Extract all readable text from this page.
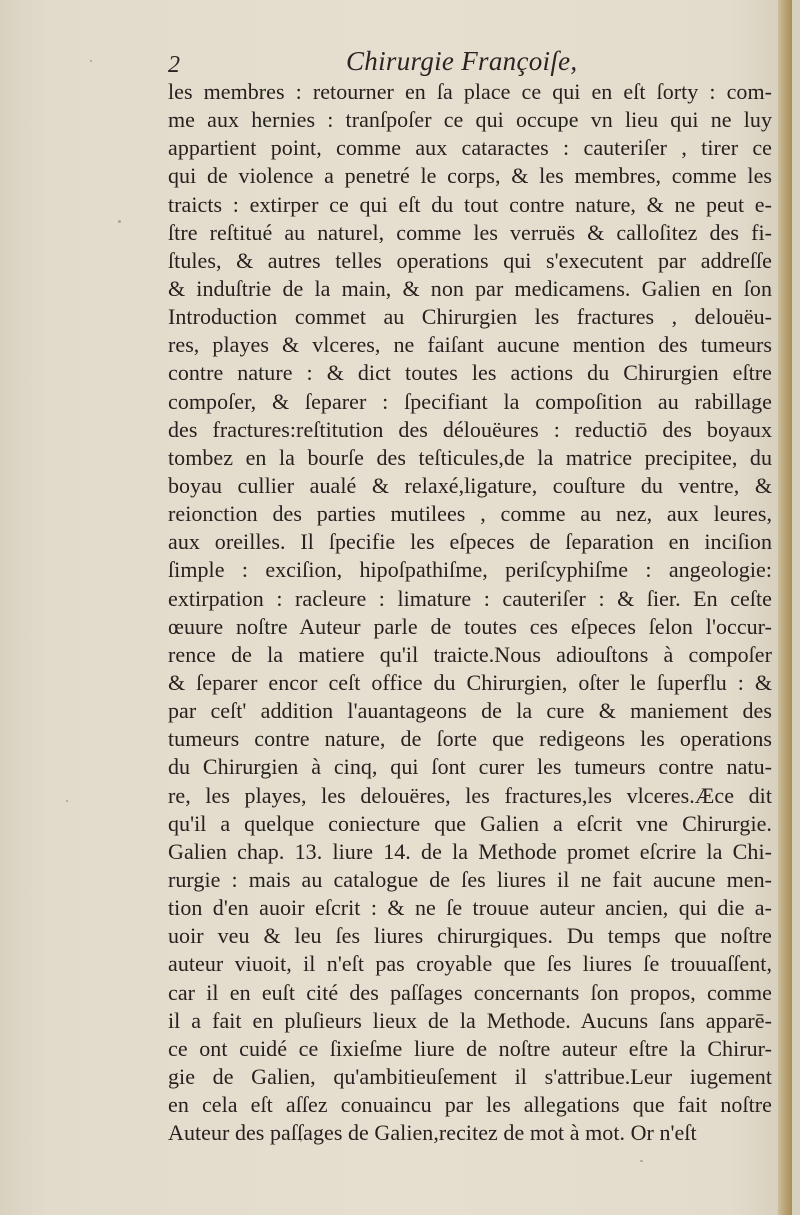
2	Chirurgie Françoiſe,
les membres : retourner en ſa place ce qui en eſt ſorty : com-
me aux hernies : tranſpoſer ce qui occupe vn lieu qui ne luy
appartient point, comme aux cataractes : cauteriſer , tirer ce
qui de violence a penetré le corps, & les membres, comme les
traicts : extirper ce qui eſt du tout contre nature, & ne peut e-
ſtre reſtitué au naturel, comme les verruës & calloſitez des fi-
ſtules, & autres telles operations qui s'executent par addreſſe
& induſtrie de la main, & non par medicamens. Galien en ſon
Introduction commet au Chirurgien les fractures , delouëu-
res, playes & vlceres, ne faiſant aucune mention des tumeurs
contre nature : & dict toutes les actions du Chirurgien eſtre
compoſer, & ſeparer : ſpecifiant la compoſition au rabillage
des fractures:reſtitution des délouëures : reductiō des boyaux
tombez en la bourſe des teſticules,de la matrice precipitee, du
boyau cullier aualé & relaxé,ligature, couſture du ventre, &
reionction des parties mutilees , comme au nez, aux leures,
aux oreilles. Il ſpecifie les eſpeces de ſeparation en inciſion
ſimple : exciſion, hipoſpathiſme, periſcyphiſme : angeologie:
extirpation : racleure : limature : cauteriſer : & ſier. En ceſte
œuure noſtre Auteur parle de toutes ces eſpeces ſelon l'occur-
rence de la matiere qu'il traicte.Nous adiouſtons à compoſer
& ſeparer encor ceſt office du Chirurgien, oſter le ſuperflu : &
par ceſt' addition l'auantageons de la cure & maniement des
tumeurs contre nature, de ſorte que redigeons les operations
du Chirurgien à cinq, qui ſont curer les tumeurs contre natu-
re, les playes, les delouëres, les fractures,les vlceres.Æce dit
qu'il a quelque coniecture que Galien a eſcrit vne Chirurgie.
Galien chap. 13. liure 14. de la Methode promet eſcrire la Chi-
rurgie : mais au catalogue de ſes liures il ne fait aucune men-
tion d'en auoir eſcrit : & ne ſe trouue auteur ancien, qui die a-
uoir veu & leu ſes liures chirurgiques. Du temps que noſtre
auteur viuoit, il n'eſt pas croyable que ſes liures ſe trouuaſſent,
car il en euſt cité des paſſages concernants ſon propos, comme
il a fait en pluſieurs lieux de la Methode. Aucuns ſans apparē-
ce ont cuidé ce ſixieſme liure de noſtre auteur eſtre la Chirur-
gie de Galien, qu'ambitieuſement il s'attribue.Leur iugement
en cela eſt aſſez conuaincu par les allegations que fait noſtre
Auteur des paſſages de Galien,recitez de mot à mot. Or n'eſt
